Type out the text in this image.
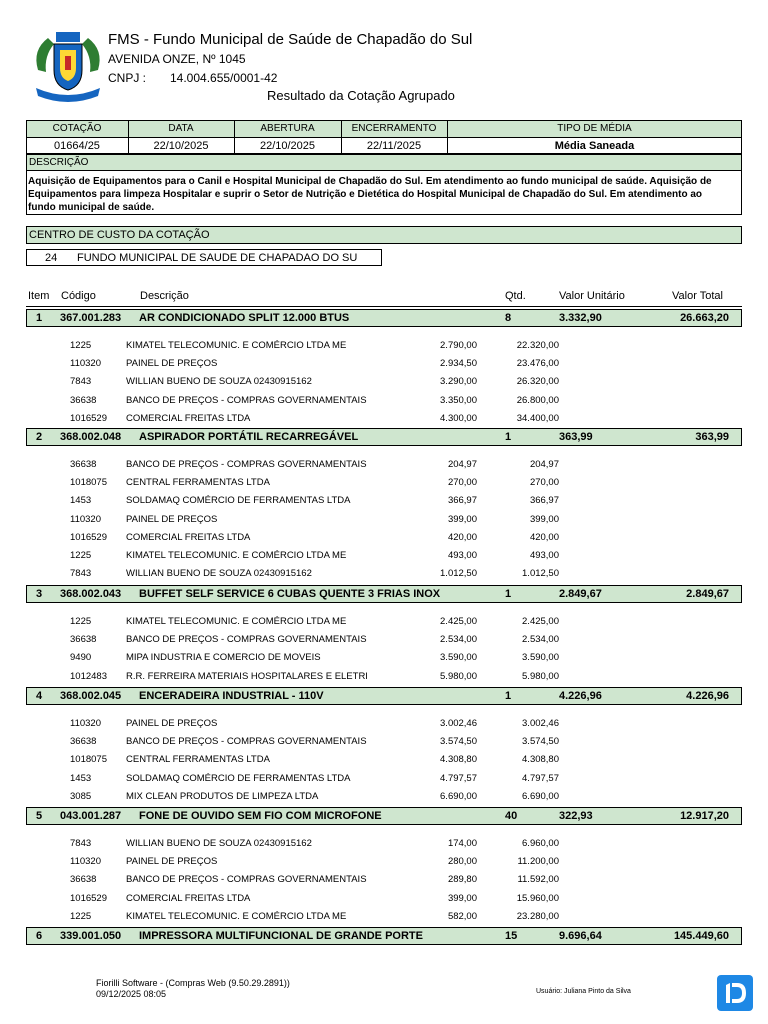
FMS - Fundo Municipal de Saúde de Chapadão do Sul
AVENIDA ONZE, Nº 1045
CNPJ : 14.004.655/0001-42
Resultado da Cotação Agrupado
COTAÇÃO	DATA	ABERTURA	ENCERRAMENTO	TIPO DE MÉDIA
01664/25	22/10/2025	22/10/2025	22/11/2025	Média Saneada
DESCRIÇÃO
Aquisição de Equipamentos para o Canil e Hospital Municipal de Chapadão do Sul. Em atendimento ao fundo municipal de saúde. Aquisição de Equipamentos para limpeza Hospitalar e suprir o Setor de Nutrição e Dietética do Hospital Municipal de Chapadão do Sul. Em atendimento ao fundo municipal de saúde.
CENTRO DE CUSTO DA COTAÇÃO
24 FUNDO MUNICIPAL DE SAUDE DE CHAPADAO DO SU
Item Código	Descrição	Qtd.	Valor Unitário	Valor Total
1 367.001.283 AR CONDICIONADO SPLIT 12.000 BTUS	8	3.332,90	26.663,20
1225	KIMATEL TELECOMUNIC. E COMÉRCIO LTDA ME	2.790,00	22.320,00
110320	PAINEL DE PREÇOS	2.934,50	23.476,00
7843	WILLIAN BUENO DE SOUZA 02430915162	3.290,00	26.320,00
36638	BANCO DE PREÇOS - COMPRAS GOVERNAMENTAIS	3.350,00	26.800,00
1016529 COMERCIAL FREITAS LTDA	4.300,00	34.400,00
2 368.002.048 ASPIRADOR PORTÁTIL RECARREGÁVEL	1	363,99	363,99
36638	BANCO DE PREÇOS - COMPRAS GOVERNAMENTAIS	204,97	204,97
1018075 CENTRAL FERRAMENTAS LTDA	270,00	270,00
1453	SOLDAMAQ COMÉRCIO DE FERRAMENTAS LTDA	366,97	366,97
110320	PAINEL DE PREÇOS	399,00	399,00
1016529 COMERCIAL FREITAS LTDA	420,00	420,00
1225	KIMATEL TELECOMUNIC. E COMÉRCIO LTDA ME	493,00	493,00
7843	WILLIAN BUENO DE SOUZA 02430915162	1.012,50	1.012,50
3 368.002.043 BUFFET SELF SERVICE 6 CUBAS QUENTE 3 FRIAS INOX	1	2.849,67	2.849,67
1225	KIMATEL TELECOMUNIC. E COMÉRCIO LTDA ME	2.425,00	2.425,00
36638	BANCO DE PREÇOS - COMPRAS GOVERNAMENTAIS	2.534,00	2.534,00
9490	MIPA INDUSTRIA E COMERCIO DE MOVEIS	3.590,00	3.590,00
1012483 R.R. FERREIRA MATERIAIS HOSPITALARES E ELETRI	5.980,00	5.980,00
4 368.002.045 ENCERADEIRA INDUSTRIAL - 110V	1	4.226,96	4.226,96
110320	PAINEL DE PREÇOS	3.002,46	3.002,46
36638	BANCO DE PREÇOS - COMPRAS GOVERNAMENTAIS	3.574,50	3.574,50
1018075 CENTRAL FERRAMENTAS LTDA	4.308,80	4.308,80
1453	SOLDAMAQ COMÉRCIO DE FERRAMENTAS LTDA	4.797,57	4.797,57
3085	MIX CLEAN PRODUTOS DE LIMPEZA LTDA	6.690,00	6.690,00
5 043.001.287 FONE DE OUVIDO SEM FIO COM MICROFONE	40	322,93	12.917,20
7843	WILLIAN BUENO DE SOUZA 02430915162	174,00	6.960,00
110320	PAINEL DE PREÇOS	280,00	11.200,00
36638	BANCO DE PREÇOS - COMPRAS GOVERNAMENTAIS	289,80	11.592,00
1016529 COMERCIAL FREITAS LTDA	399,00	15.960,00
1225	KIMATEL TELECOMUNIC. E COMÉRCIO LTDA ME	582,00	23.280,00
6 339.001.050 IMPRESSORA MULTIFUNCIONAL DE GRANDE PORTE	15	9.696,64	145.449,60
Fiorilli Software - (Compras Web (9.50.29.2891))
09/12/2025 08:05	Usuário: Juliana Pinto da Silva
